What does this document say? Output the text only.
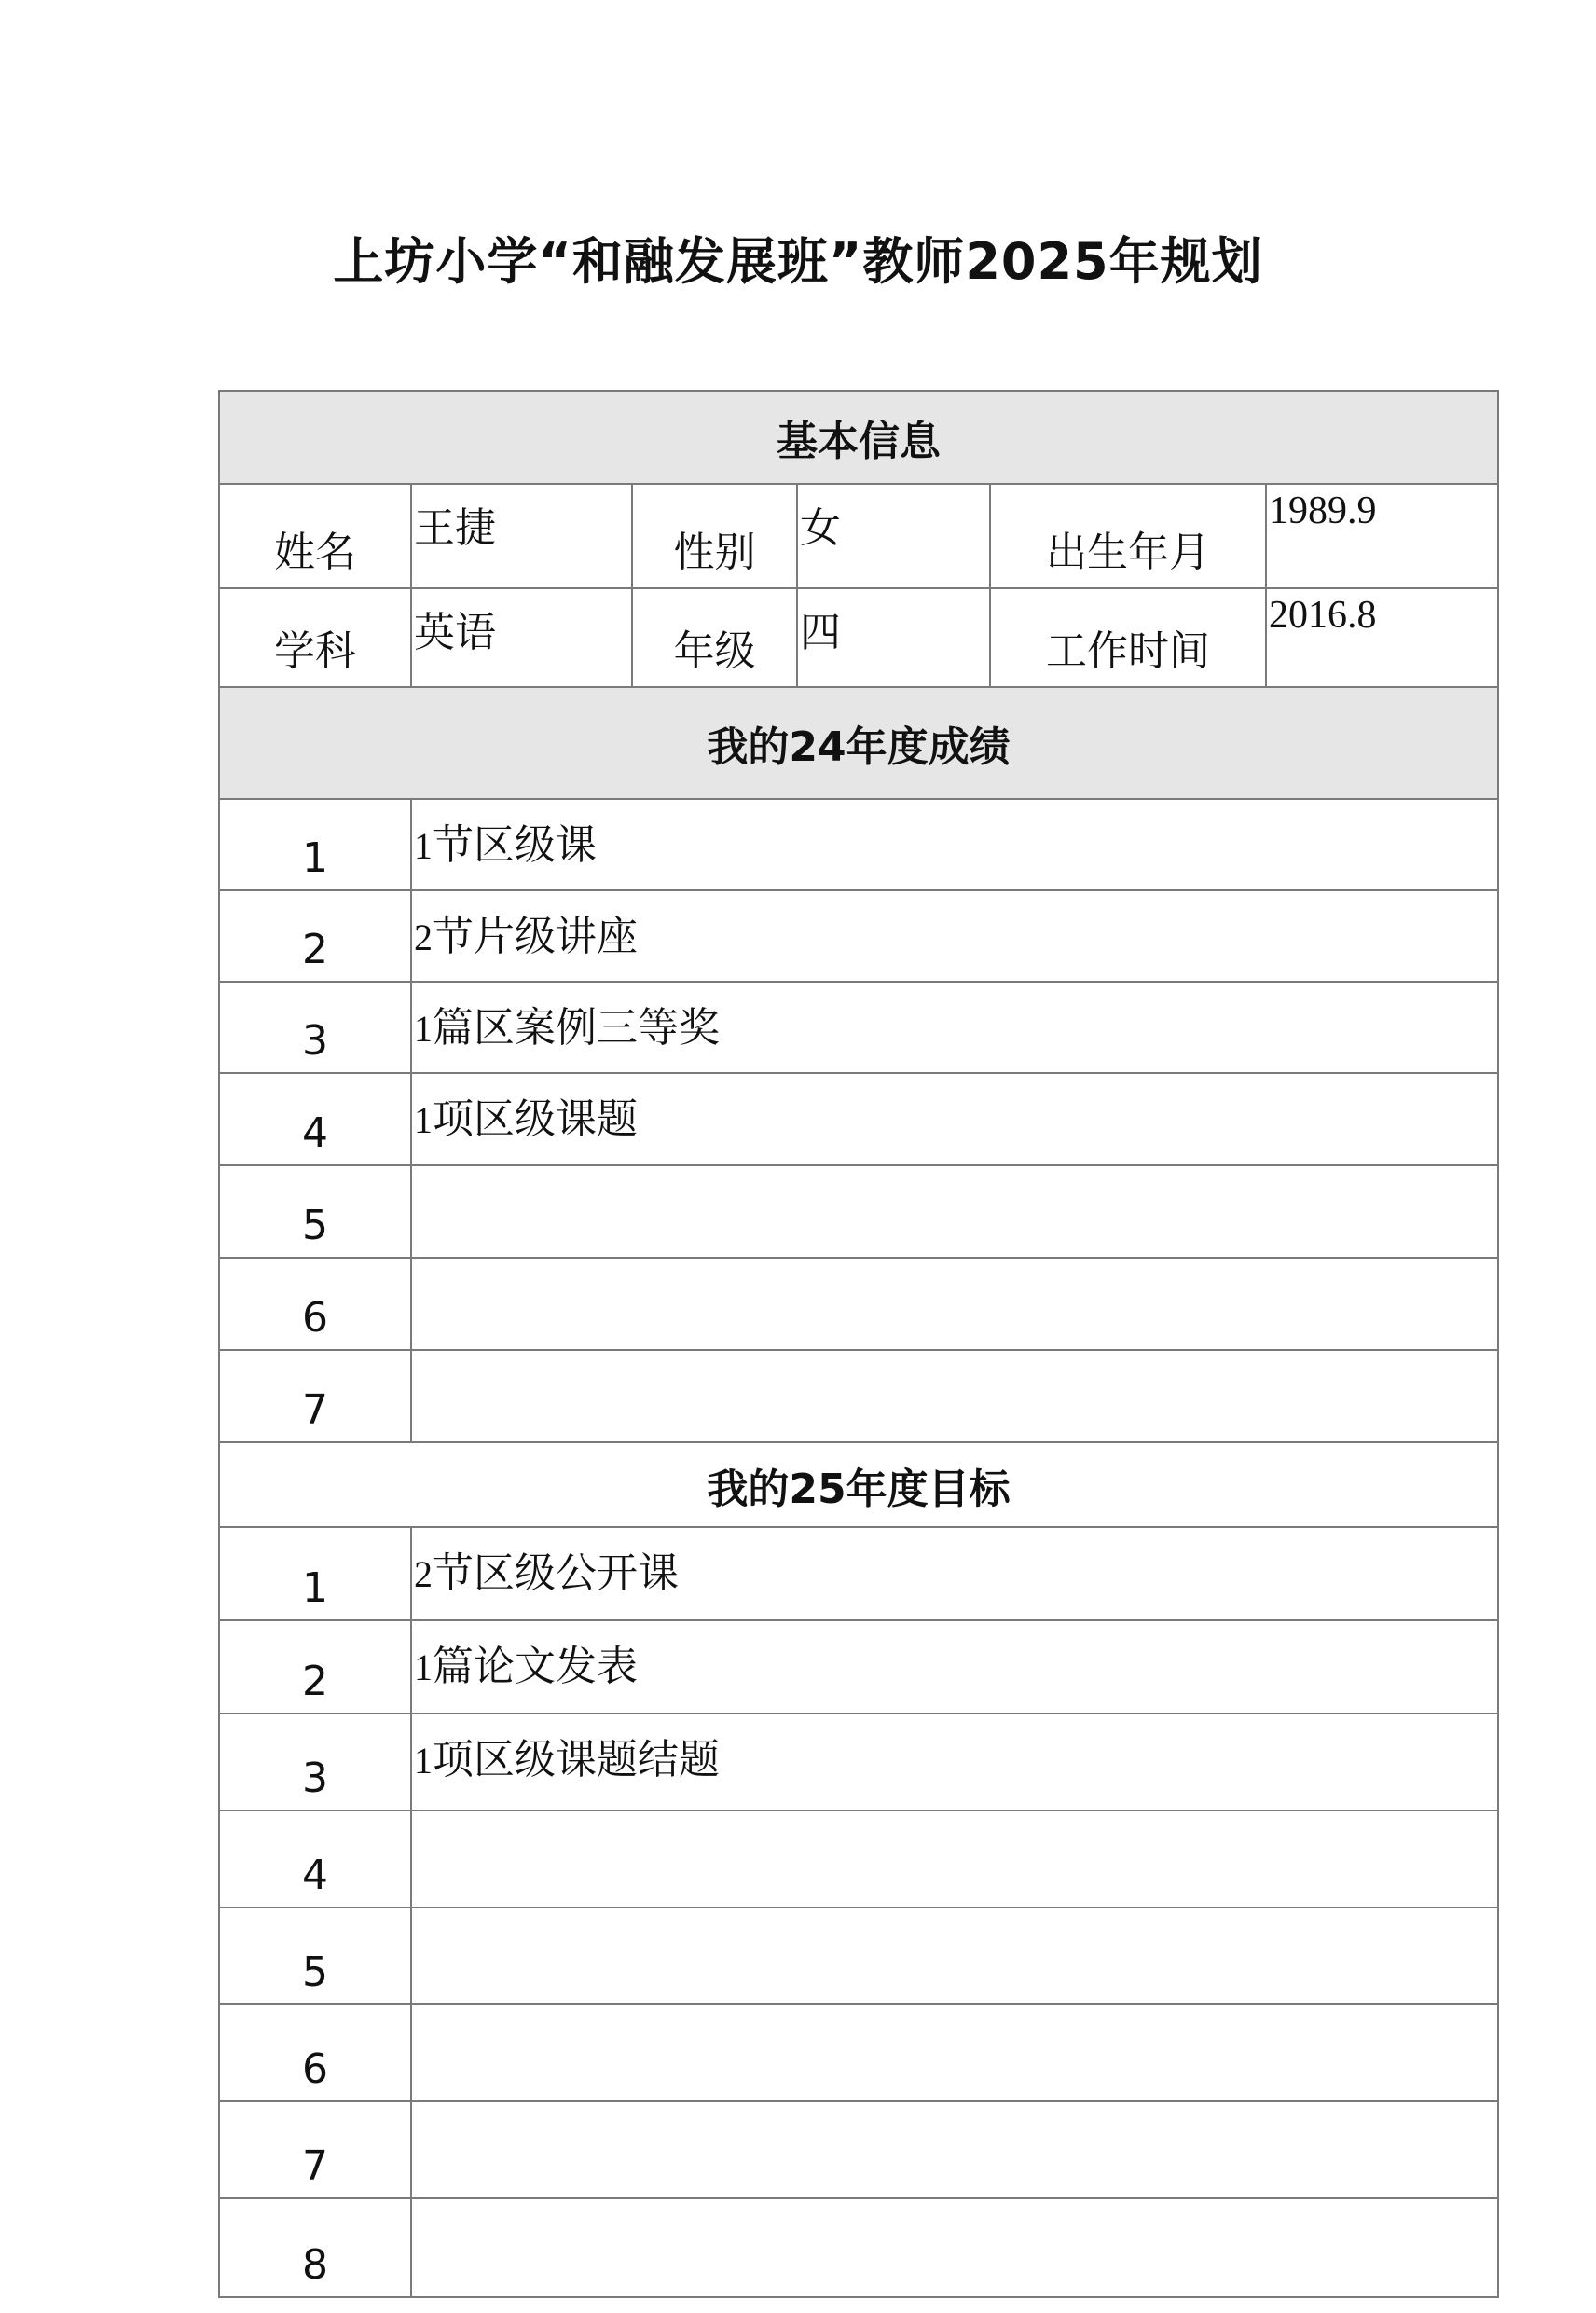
上坊小学“和融发展班”教师2025年规划
基本信息					
姓名	王捷	性别	女	出生年月	1989.9
学科	英语	年级	四	工作时间	2016.8
我的24年度成绩					
1	1节区级课				
2	2节片级讲座				
3	1篇区案例三等奖				
4	1项区级课题				
5					
6					
7					
我的25年度目标					
1	2节区级公开课				
2	1篇论文发表				
3	1项区级课题结题				
4					
5					
6					
7					
8					
